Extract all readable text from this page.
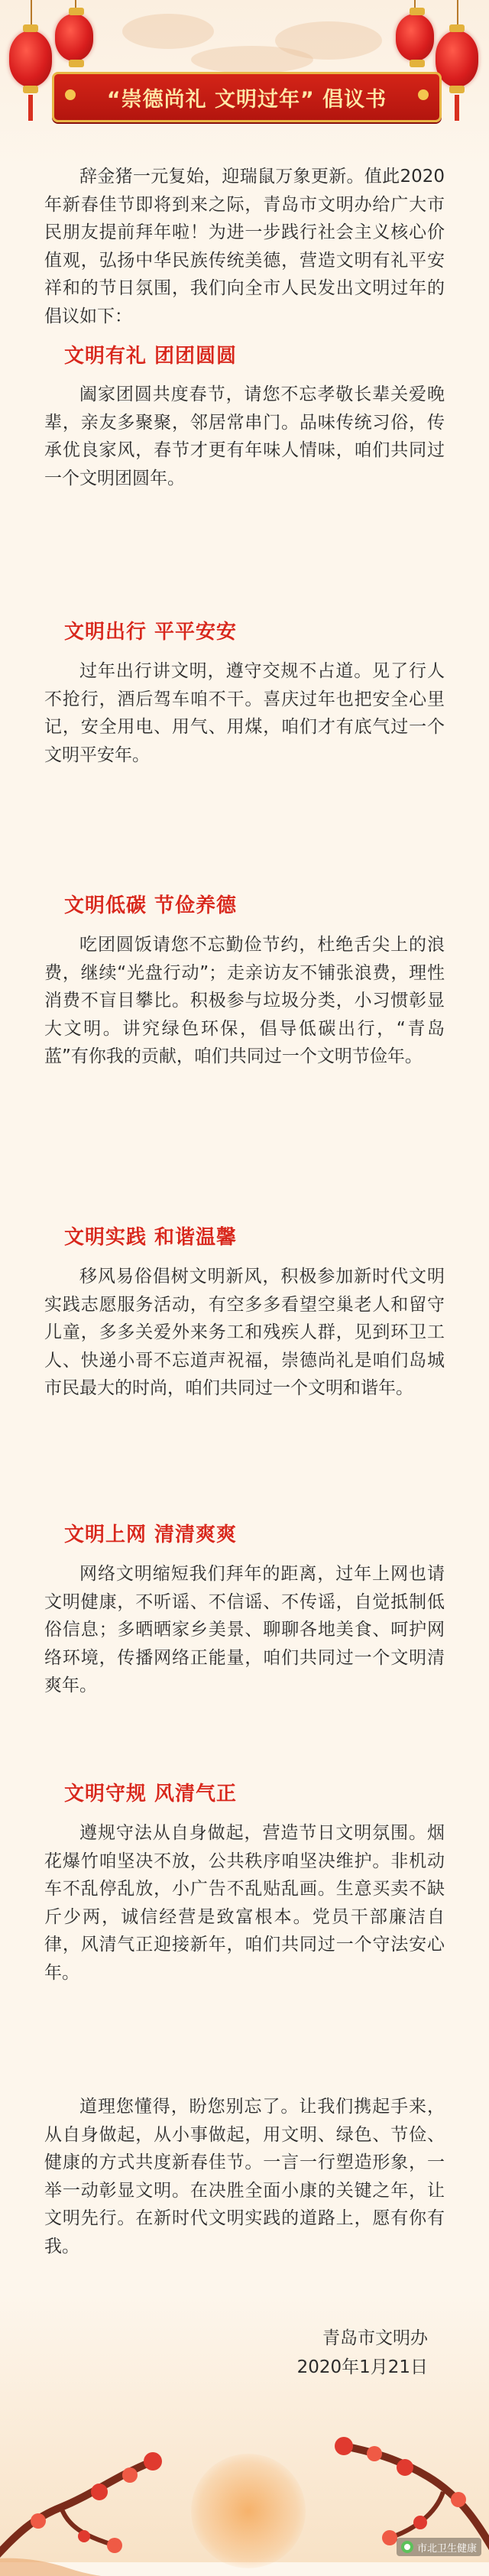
“崇德尚礼 文明过年” 倡议书
辞金猪一元复始，迎瑞鼠万象更新。值此2020年新春佳节即将到来之际，青岛市文明办给广大市民朋友提前拜年啦！为进一步践行社会主义核心价值观，弘扬中华民族传统美德，营造文明有礼平安祥和的节日氛围，我们向全市人民发出文明过年的倡议如下：
文明有礼 团团圆圆
阖家团圆共度春节，请您不忘孝敬长辈关爱晚辈，亲友多聚聚，邻居常串门。品味传统习俗，传承优良家风，春节才更有年味人情味，咱们共同过一个文明团圆年。
文明出行 平平安安
过年出行讲文明，遵守交规不占道。见了行人不抢行，酒后驾车咱不干。喜庆过年也把安全心里记，安全用电、用气、用煤，咱们才有底气过一个文明平安年。
文明低碳 节俭养德
吃团圆饭请您不忘勤俭节约，杜绝舌尖上的浪费，继续“光盘行动”；走亲访友不铺张浪费，理性消费不盲目攀比。积极参与垃圾分类，小习惯彰显大文明。讲究绿色环保，倡导低碳出行，“青岛蓝”有你我的贡献，咱们共同过一个文明节俭年。
文明实践 和谐温馨
移风易俗倡树文明新风，积极参加新时代文明实践志愿服务活动，有空多多看望空巢老人和留守儿童，多多关爱外来务工和残疾人群，见到环卫工人、快递小哥不忘道声祝福，崇德尚礼是咱们岛城市民最大的时尚，咱们共同过一个文明和谐年。
文明上网 清清爽爽
网络文明缩短我们拜年的距离，过年上网也请文明健康，不听谣、不信谣、不传谣，自觉抵制低俗信息；多晒晒家乡美景、聊聊各地美食、呵护网络环境，传播网络正能量，咱们共同过一个文明清爽年。
文明守规 风清气正
遵规守法从自身做起，营造节日文明氛围。烟花爆竹咱坚决不放，公共秩序咱坚决维护。非机动车不乱停乱放，小广告不乱贴乱画。生意买卖不缺斤少两，诚信经营是致富根本。党员干部廉洁自律，风清气正迎接新年，咱们共同过一个守法安心年。
道理您懂得，盼您别忘了。让我们携起手来，从自身做起，从小事做起，用文明、绿色、节俭、健康的方式共度新春佳节。一言一行塑造形象，一举一动彰显文明。在决胜全面小康的关键之年，让文明先行。在新时代文明实践的道路上，愿有你有我。
青岛市文明办
2020年1月21日
市北卫生健康
